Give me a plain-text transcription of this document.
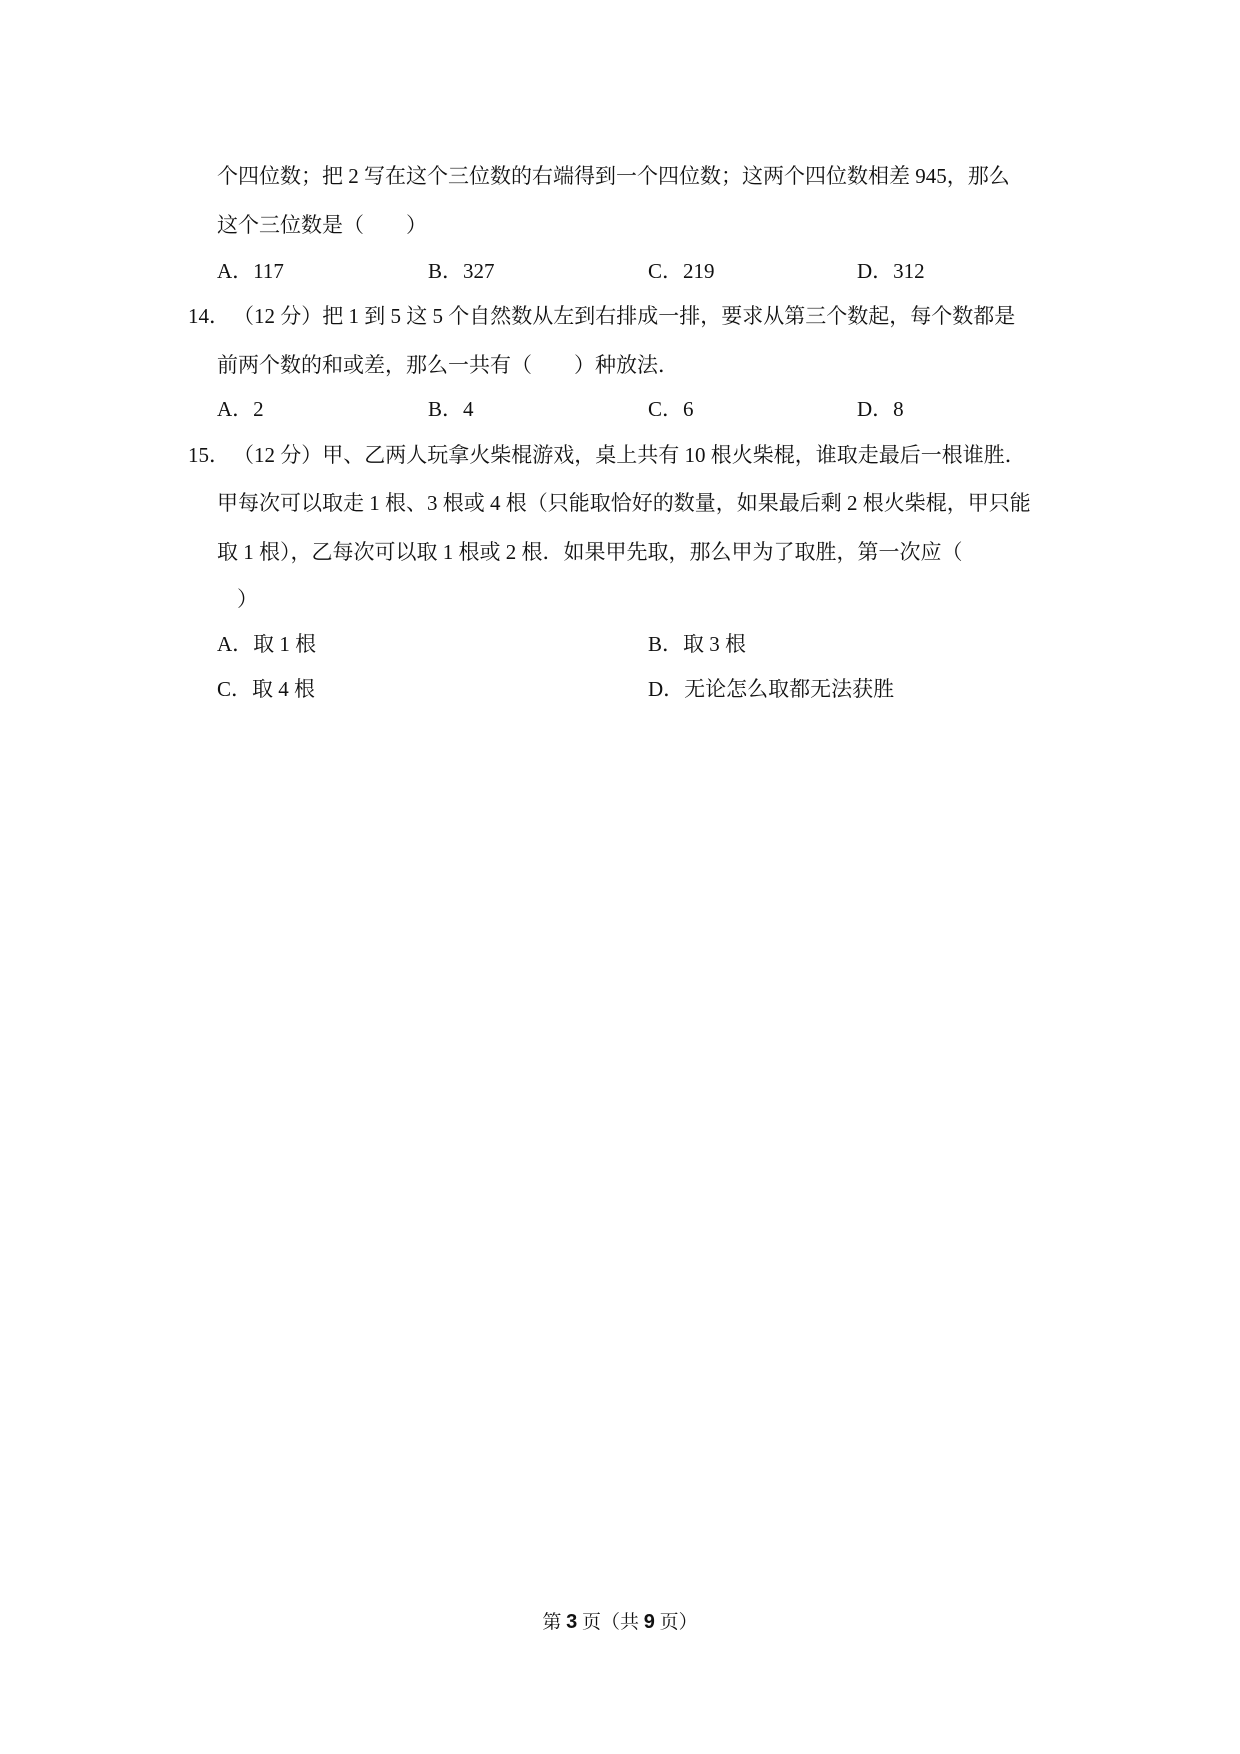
个四位数；把 2 写在这个三位数的右端得到一个四位数；这两个四位数相差 945，那么
这个三位数是（　　）
A．117	B．327	C．219	D．312
14． （12 分）把 1 到 5 这 5 个自然数从左到右排成一排，要求从第三个数起，每个数都是
前两个数的和或差，那么一共有（　　）种放法．
A．2	B．4	C．6	D．8
15． （12 分）甲、乙两人玩拿火柴棍游戏，桌上共有 10 根火柴棍，谁取走最后一根谁胜．
甲每次可以取走 1 根、3 根或 4 根（只能取恰好的数量，如果最后剩 2 根火柴棍，甲只能
取 1 根），乙每次可以取 1 根或 2 根．如果甲先取，那么甲为了取胜，第一次应（
）
A．取 1 根	B．取 3 根
C．取 4 根	D．无论怎么取都无法获胜
第 3 页（共 9 页）
